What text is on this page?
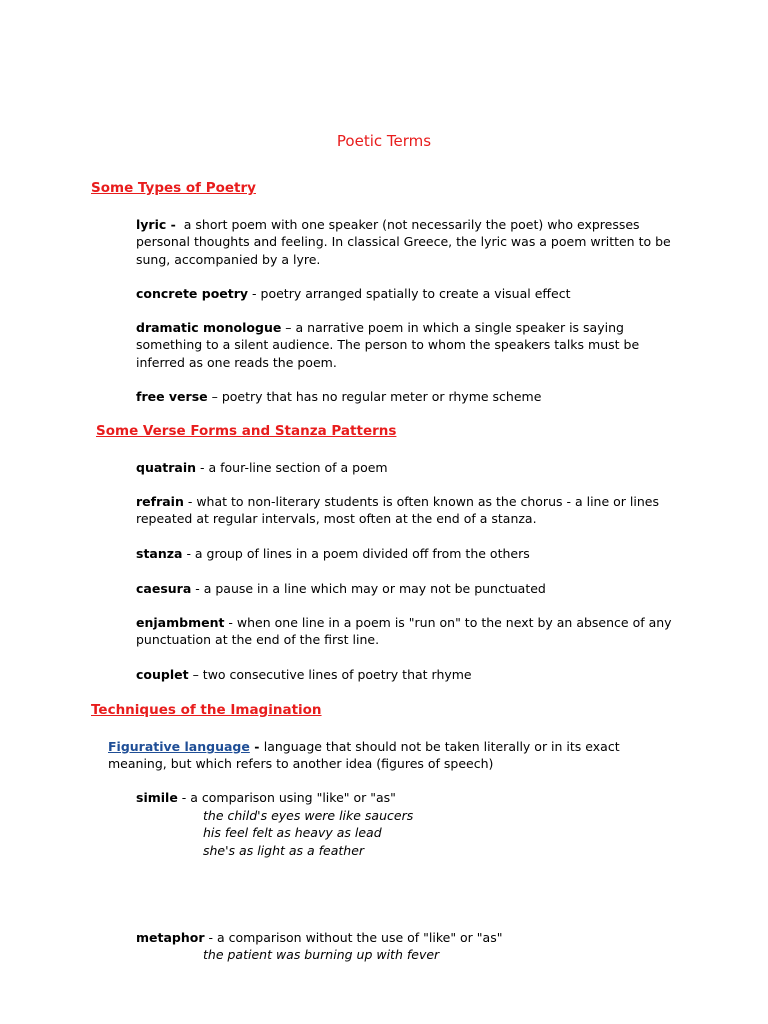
Poetic Terms
Some Types of Poetry
lyric -  a short poem with one speaker (not necessarily the poet) who expresses personal thoughts and feeling. In classical Greece, the lyric was a poem written to be sung, accompanied by a lyre.
concrete poetry - poetry arranged spatially to create a visual effect
dramatic monologue – a narrative poem in which a single speaker is saying something to a silent audience. The person to whom the speakers talks must be inferred as one reads the poem.
free verse – poetry that has no regular meter or rhyme scheme
Some Verse Forms and Stanza Patterns
quatrain - a four-line section of a poem
refrain - what to non-literary students is often known as the chorus - a line or lines repeated at regular intervals, most often at the end of a stanza.
stanza - a group of lines in a poem divided off from the others
caesura - a pause in a line which may or may not be punctuated
enjambment - when one line in a poem is "run on" to the next by an absence of any punctuation at the end of the first line.
couplet – two consecutive lines of poetry that rhyme
Techniques of the Imagination
Figurative language - language that should not be taken literally or in its exact meaning, but which refers to another idea (figures of speech)
simile - a comparison using "like" or "as"
the child's eyes were like saucers
his feel felt as heavy as lead
she's as light as a feather
metaphor - a comparison without the use of "like" or "as"
the patient was burning up with fever
